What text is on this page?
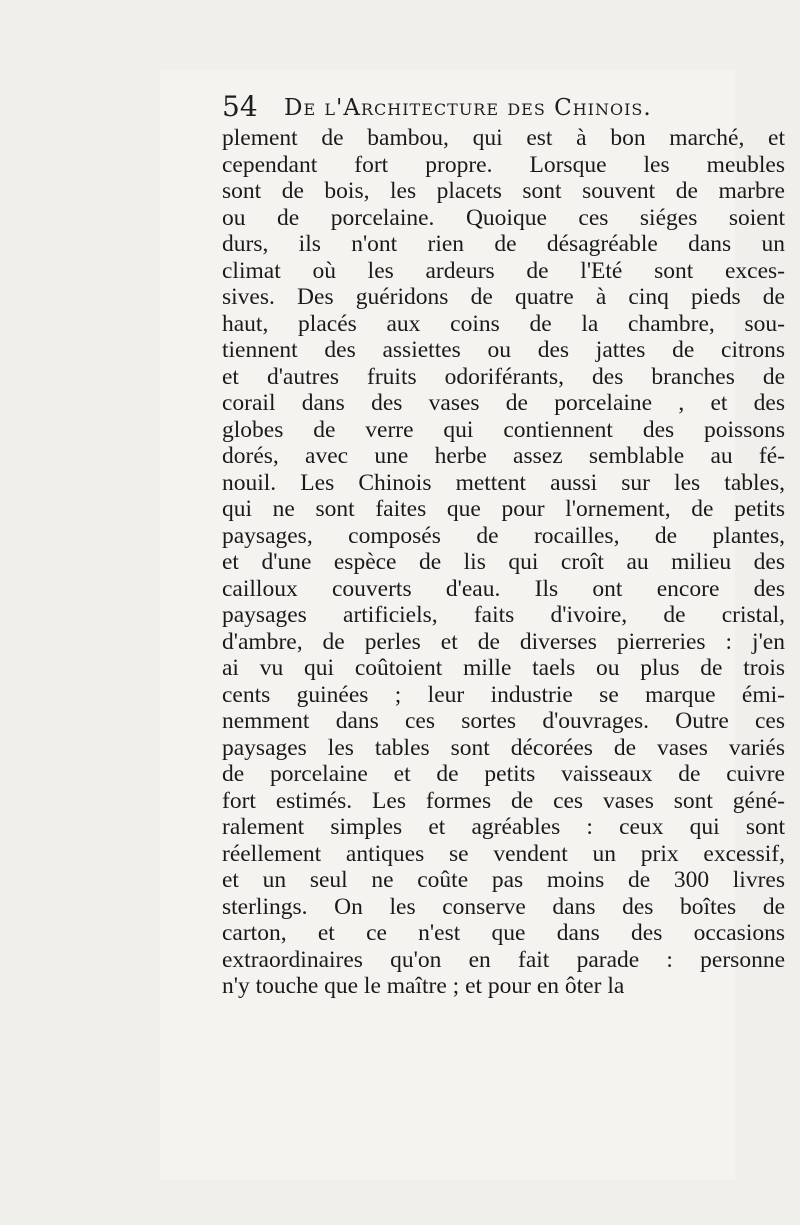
54 De l'Architecture des Chinois.
plement de bambou, qui est à bon marché, et
cependant fort propre. Lorsque les meubles
sont de bois, les placets sont souvent de marbre
ou de porcelaine. Quoique ces siéges soient
durs, ils n'ont rien de désagréable dans un
climat où les ardeurs de l'Eté sont exces-
sives. Des guéridons de quatre à cinq pieds de
haut, placés aux coins de la chambre, sou-
tiennent des assiettes ou des jattes de citrons
et d'autres fruits odoriférants, des branches de
corail dans des vases de porcelaine , et des
globes de verre qui contiennent des poissons
dorés, avec une herbe assez semblable au fé-
nouil. Les Chinois mettent aussi sur les tables,
qui ne sont faites que pour l'ornement, de petits
paysages, composés de rocailles, de plantes,
et d'une espèce de lis qui croît au milieu des
cailloux couverts d'eau. Ils ont encore des
paysages artificiels, faits d'ivoire, de cristal,
d'ambre, de perles et de diverses pierreries : j'en
ai vu qui coûtoient mille taels ou plus de trois
cents guinées ; leur industrie se marque émi-
nemment dans ces sortes d'ouvrages. Outre ces
paysages les tables sont décorées de vases variés
de porcelaine et de petits vaisseaux de cuivre
fort estimés. Les formes de ces vases sont géné-
ralement simples et agréables : ceux qui sont
réellement antiques se vendent un prix excessif,
et un seul ne coûte pas moins de 300 livres
sterlings. On les conserve dans des boîtes de
carton, et ce n'est que dans des occasions
extraordinaires qu'on en fait parade : personne
n'y touche que le maître ; et pour en ôter la
